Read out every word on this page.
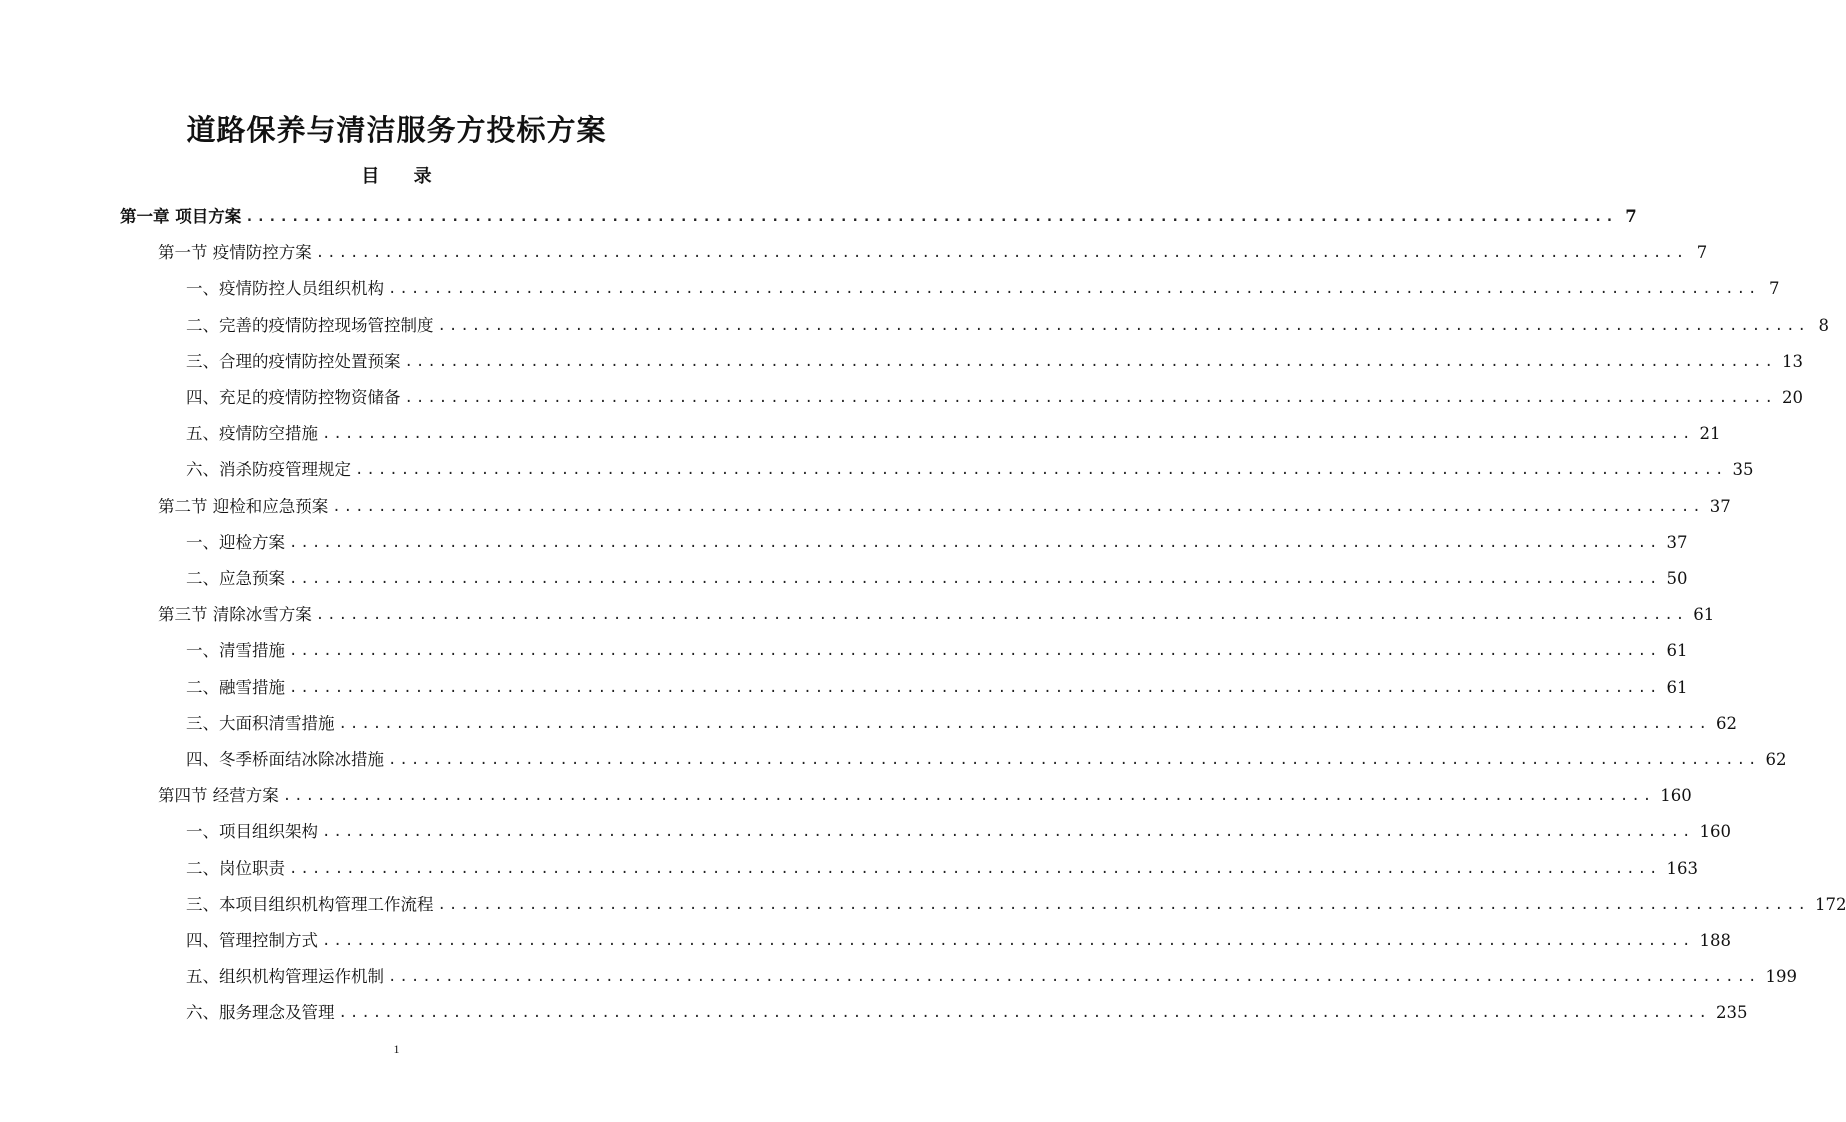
道路保养与清洁服务方投标方案
目 录
第一章 项目方案 ........................................................................................................................ 7
第一节 疫情防控方案 ........................................................................................................................ 7
一、疫情防控人员组织机构 ........................................................................................................................ 7
二、完善的疫情防控现场管控制度 ........................................................................................................................ 8
三、合理的疫情防控处置预案 ........................................................................................................................ 13
四、充足的疫情防控物资储备 ........................................................................................................................ 20
五、疫情防空措施 ........................................................................................................................ 21
六、消杀防疫管理规定 ........................................................................................................................ 35
第二节 迎检和应急预案 ........................................................................................................................ 37
一、迎检方案 ........................................................................................................................ 37
二、应急预案 ........................................................................................................................ 50
第三节 清除冰雪方案 ........................................................................................................................ 61
一、清雪措施 ........................................................................................................................ 61
二、融雪措施 ........................................................................................................................ 61
三、大面积清雪措施 ........................................................................................................................ 62
四、冬季桥面结冰除冰措施 ........................................................................................................................ 62
第四节 经营方案 ........................................................................................................................ 160
一、项目组织架构 ........................................................................................................................ 160
二、岗位职责 ........................................................................................................................ 163
三、本项目组织机构管理工作流程 ........................................................................................................................ 172
四、管理控制方式 ........................................................................................................................ 188
五、组织机构管理运作机制 ........................................................................................................................ 199
六、服务理念及管理 ........................................................................................................................ 235
1
